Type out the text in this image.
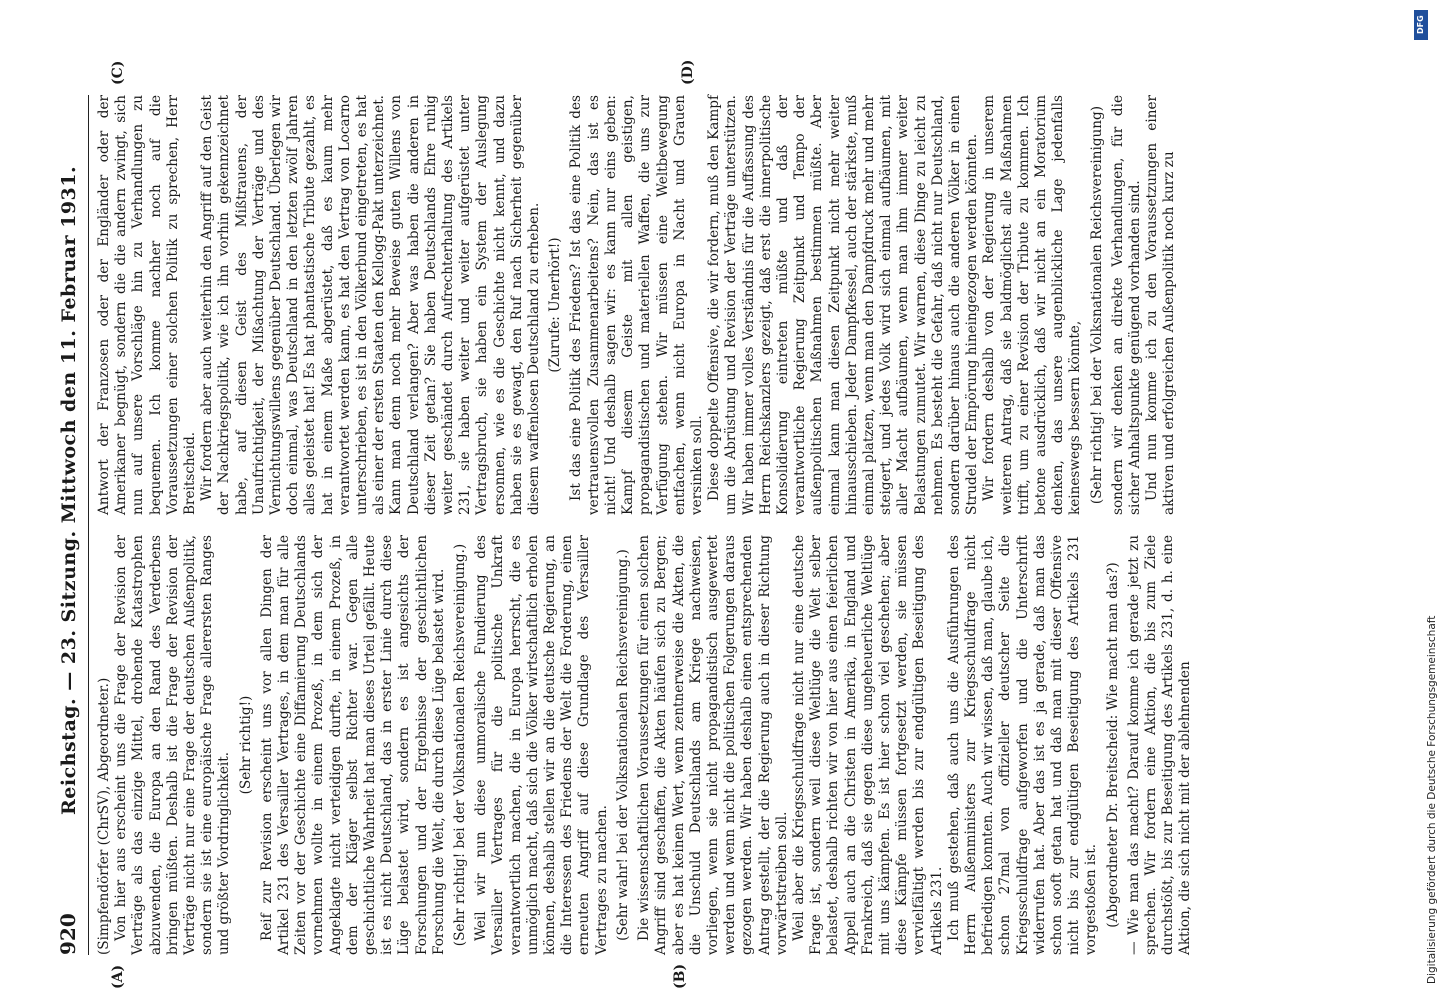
920
Reichstag. — 23. Sitzung. Mittwoch den 11. Februar 1931.
(A)	(B)
(C)	(D)

(Simpfendörfer (ChrSV), Abgeordneter.) Von hier aus erscheint uns die Frage der Revision der Verträge als das einzige Mittel, drohende Katastrophen abzuwenden, die Europa an den Rand des Verderbens bringen müßten. Deshalb ist die Frage der Revision der Verträge nicht nur eine Frage der deutschen Außenpolitik, sondern sie ist eine europäische Frage allerersten Ranges und größter Vordringlichkeit.

(Sehr richtig!) Reif zur Revision erscheint uns vor allen Dingen der Artikel 231 des Versailler Vertrages, in dem man für alle Zeiten vor der Geschichte eine Diffamierung Deutschlands vornehmen wollte in einem Prozeß, in dem sich der Angeklagte nicht verteidigen durfte, in einem Prozeß, in dem der Kläger selbst Richter war. Gegen alle geschichtliche Wahrheit hat man dieses Urteil gefällt. Heute ist es nicht Deutschland, das in erster Linie durch diese Lüge belastet wird, sondern es ist angesichts der Forschungen und der Ergebnisse der geschichtlichen Forschung die Welt, die durch diese Lüge belastet wird. (Sehr richtig! bei der Volksnationalen Reichsvereinigung.) Weil wir nun diese unmoralische Fundierung des Versailler Vertrages für die politische Unkraft verantwortlich machen, die in Europa herrscht, die es unmöglich macht, daß sich die Völker wirtschaftlich erholen können, deshalb stellen wir an die deutsche Regierung, an die Interessen des Friedens der Welt die Forderung, einen erneuten Angriff auf diese Grundlage des Versailler Vertrages zu machen. (Sehr wahr! bei der Volksnationalen Reichsvereinigung.) Die wissenschaftlichen Voraussetzungen für einen solchen Angriff sind geschaffen, die Akten häufen sich zu Bergen; aber es hat keinen Wert, wenn zentnerweise die Akten, die die Unschuld Deutschlands am Kriege nachweisen, vorliegen, wenn sie nicht propagandistisch ausgewertet werden und wenn nicht die politischen Folgerungen daraus gezogen werden. Wir haben deshalb einen entsprechenden Antrag gestellt, der die Regierung auch in dieser Richtung vorwärtstreiben soll. Weil aber die Kriegsschuldfrage nicht nur eine deutsche Frage ist, sondern weil diese Weltlüge die Welt selber belastet, deshalb richten wir von hier aus einen feierlichen Appell auch an die Christen in Amerika, in England und Frankreich, daß sie gegen diese ungeheuerliche Weltlüge mit uns kämpfen. Es ist hier schon viel geschehen; aber diese Kämpfe müssen fortgesetzt werden, sie müssen vervielfältigt werden bis zur endgültigen Beseitigung des Artikels 231. Ich muß gestehen, daß auch uns die Ausführungen des Herrn Außenministers zur Kriegsschuldfrage nicht befriedigen konnten. Auch wir wissen, daß man, glaube ich, schon 27mal von offizieller deutscher Seite die Kriegsschuldfrage aufgeworfen und die Unterschrift widerrufen hat. Aber das ist es ja gerade, daß man das schon sooft getan hat und daß man mit dieser Offensive nicht bis zur endgültigen Beseitigung des Artikels 231 vorgestoßen ist. (Abgeordneter Dr. Breitscheid: Wie macht man das?) — Wie man das macht? Darauf komme ich gerade jetzt zu sprechen. Wir fordern eine Aktion, die bis zum Ziele durchstößt, bis zur Beseitigung des Artikels 231, d. h. eine Aktion, die sich nicht mit der ablehnenden

Antwort der Franzosen oder der Engländer oder der Amerikaner begnügt, sondern die die andern zwingt, sich nun auf unsere Vorschläge hin zu Verhandlungen zu bequemen. Ich komme nachher noch auf die Voraussetzungen einer solchen Politik zu sprechen, Herr Breitscheid. Wir fordern aber auch weiterhin den Angriff auf den Geist der Nachkriegspolitik, wie ich ihn vorhin gekennzeichnet habe, auf diesen Geist des Mißtrauens, der Unaufrichtigkeit, der Mißachtung der Verträge und des Vernichtungswillens gegenüber Deutschland. Überlegen wir doch einmal, was Deutschland in den letzten zwölf Jahren alles geleistet hat! Es hat phantastische Tribute gezahlt, es hat in einem Maße abgerüstet, daß es kaum mehr verantwortet werden kann, es hat den Vertrag von Locarno unterschrieben, es ist in den Völkerbund eingetreten, es hat als einer der ersten Staaten den Kellogg-Pakt unterzeichnet. Kann man denn noch mehr Beweise guten Willens von Deutschland verlangen? Aber was haben die anderen in dieser Zeit getan? Sie haben Deutschlands Ehre ruhig weiter geschändet durch Aufrechterhaltung des Artikels 231, sie haben weiter und weiter aufgerüstet unter Vertragsbruch, sie haben ein System der Auslegung ersonnen, wie es die Geschichte nicht kennt, und dazu haben sie es gewagt, den Ruf nach Sicherheit gegenüber diesem waffenlosen Deutschland zu erheben. (Zurufe: Unerhört!) Ist das eine Politik des Friedens? Ist das eine Politik des vertrauensvollen Zusammenarbeitens? Nein, das ist es nicht! Und deshalb sagen wir: es kann nur eins geben: Kampf diesem Geiste mit allen geistigen, propagandistischen und materiellen Waffen, die uns zur Verfügung stehen. Wir müssen eine Weltbewegung entfachen, wenn nicht Europa in Nacht und Grauen versinken soll. Diese doppelte Offensive, die wir fordern, muß den Kampf um die Abrüstung und Revision der Verträge unterstützen. Wir haben immer volles Verständnis für die Auffassung des Herrn Reichskanzlers gezeigt, daß erst die innerpolitische Konsolidierung eintreten müßte und daß der verantwortliche Regierung Zeitpunkt und Tempo der außenpolitischen Maßnahmen bestimmen müßte. Aber einmal kann man diesen Zeitpunkt nicht mehr weiter hinausschieben. Jeder Dampfkessel, auch der stärkste, muß einmal platzen, wenn man den Dampfdruck mehr und mehr steigert, und jedes Volk wird sich einmal aufbäumen, mit aller Macht aufbäumen, wenn man ihm immer weiter Belastungen zumutet. Wir warnen, diese Dinge zu leicht zu nehmen. Es besteht die Gefahr, daß nicht nur Deutschland, sondern darüber hinaus auch die anderen Völker in einen Strudel der Empörung hineingezogen werden könnten. Wir fordern deshalb von der Regierung in unserem weiteren Antrag, daß sie baldmöglichst alle Maßnahmen trifft, um zu einer Revision der Tribute zu kommen. Ich betone ausdrücklich, daß wir nicht an ein Moratorium denken, das unsere augenblickliche Lage jedenfalls keineswegs bessern könnte, (Sehr richtig! bei der Volksnationalen Reichsvereinigung) sondern wir denken an direkte Verhandlungen, für die sicher Anhaltspunkte genügend vorhanden sind. Und nun komme ich zu den Voraussetzungen einer aktiven und erfolgreichen Außenpolitik noch kurz zu

DFG
Digitalisierung gefördert durch die Deutsche Forschungsgemeinschaft
